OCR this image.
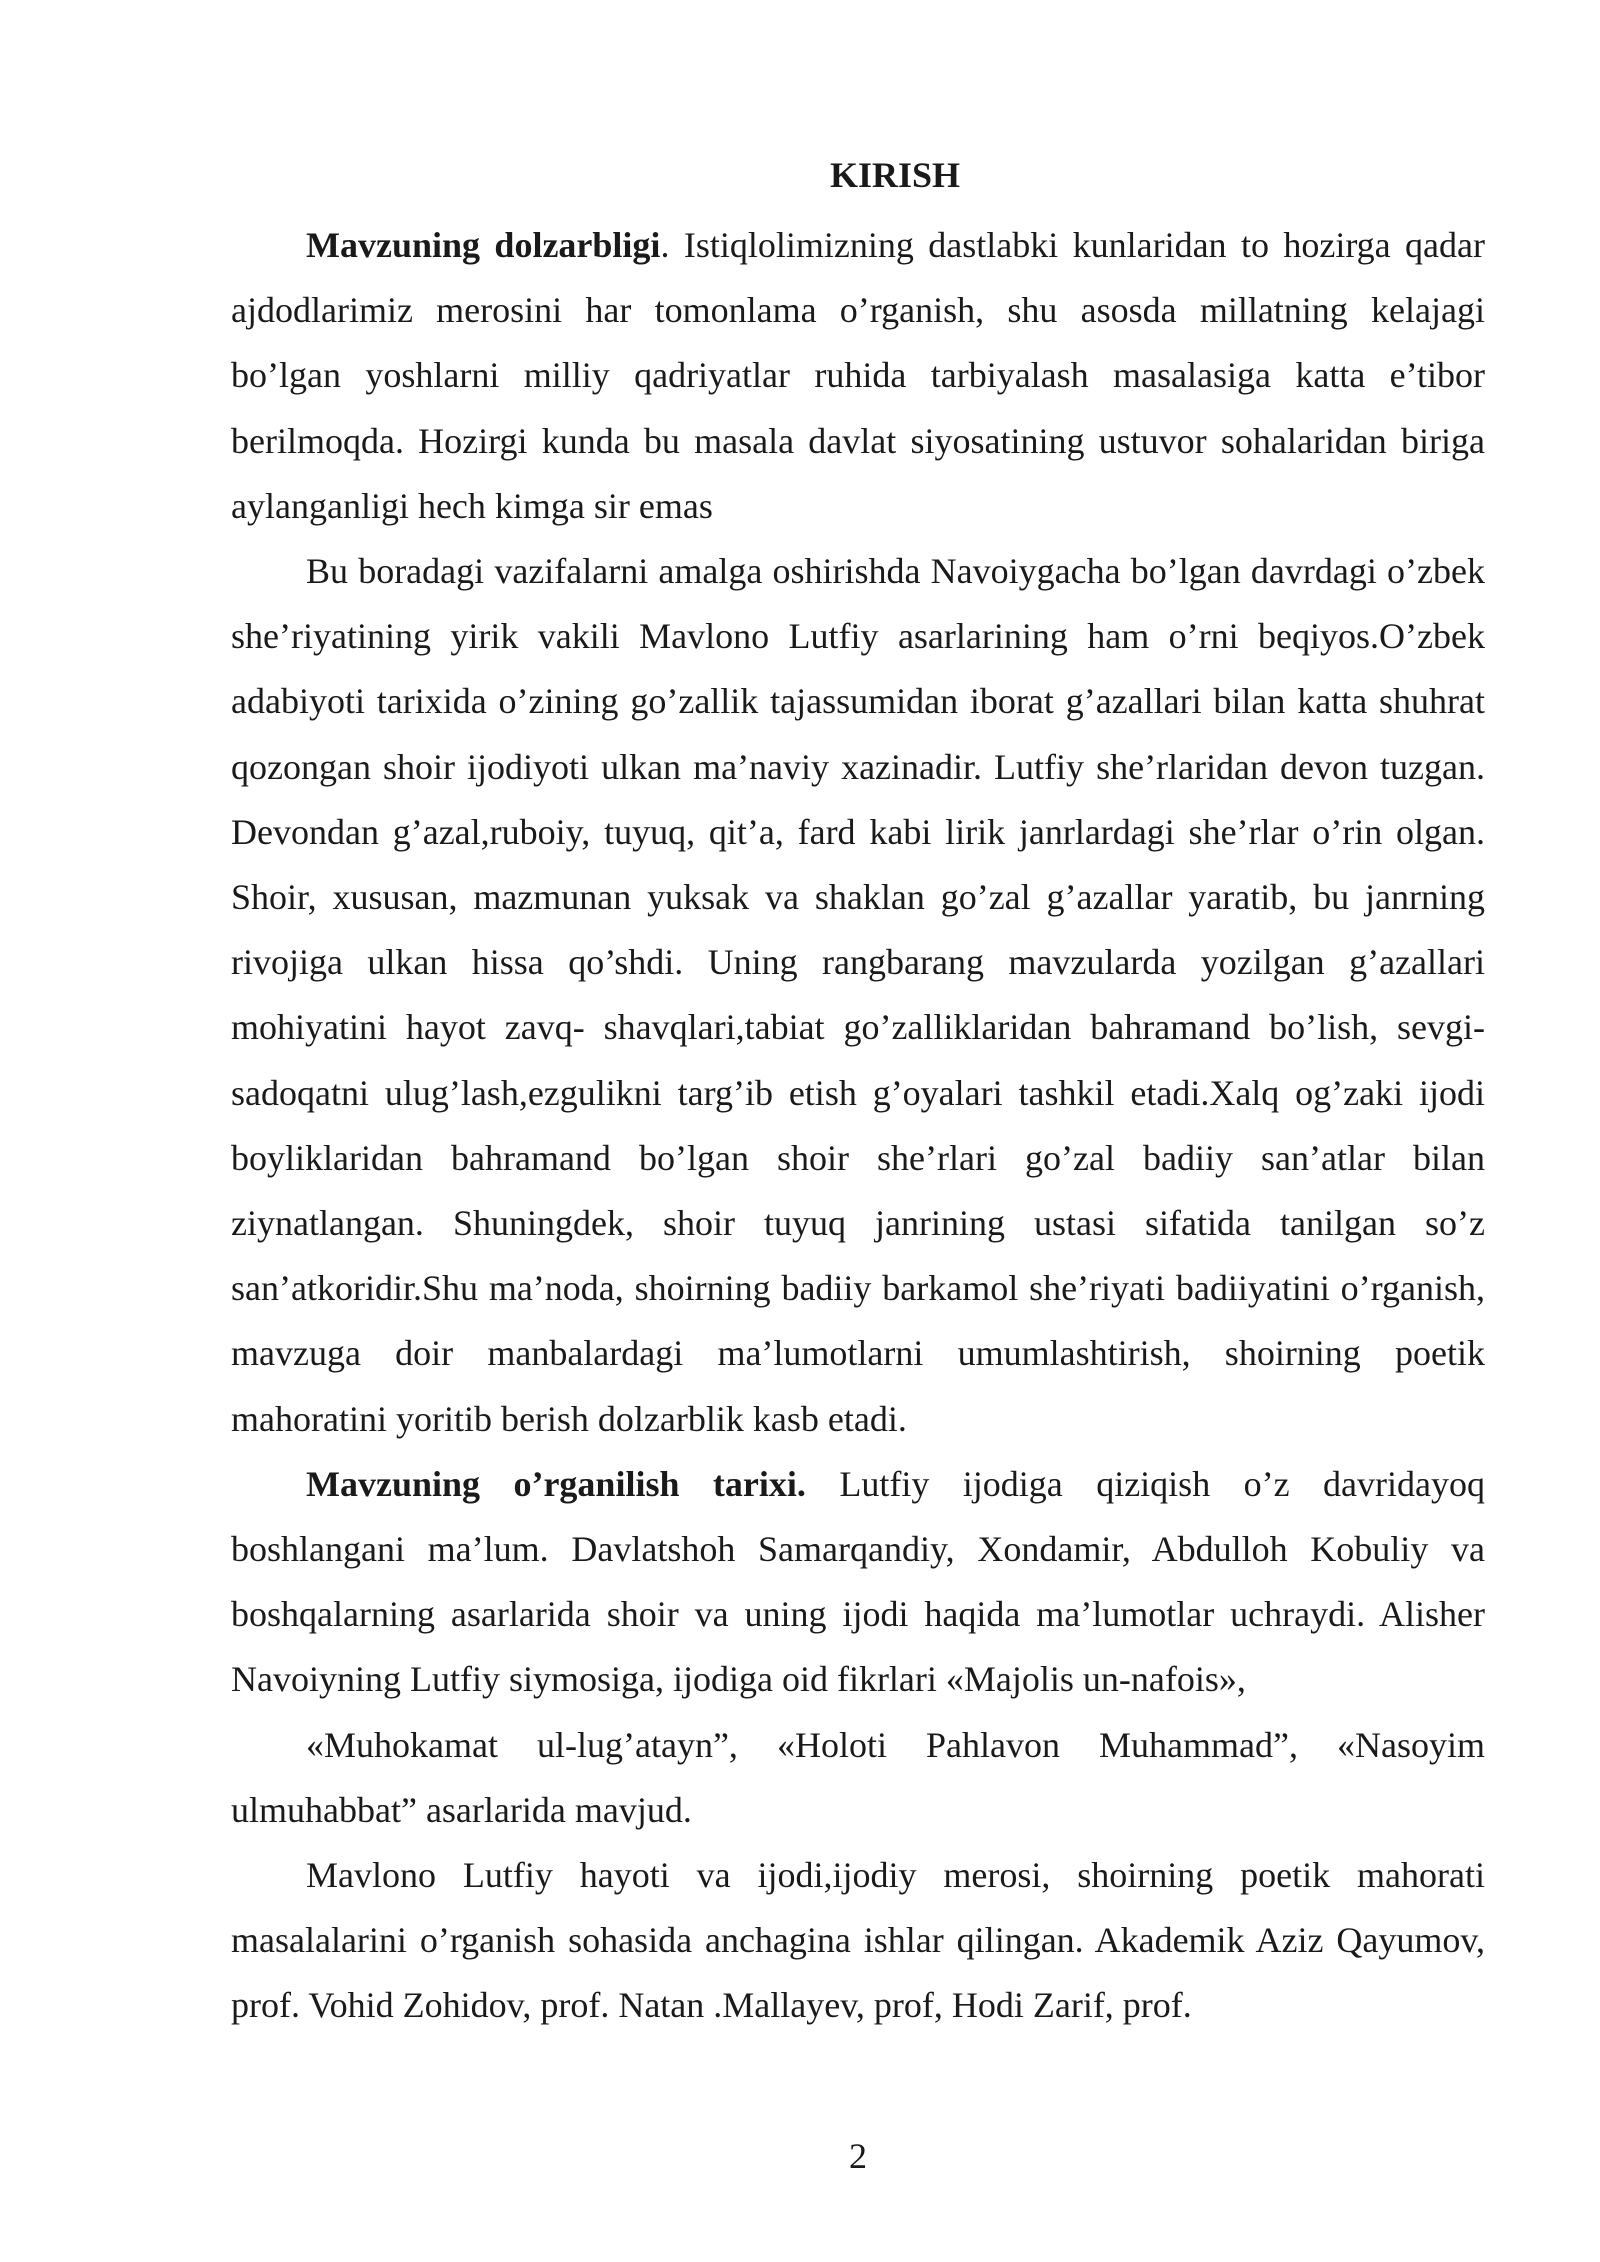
KIRISH

Mavzuning dolzarbligi. Istiqlolimizning dastlabki kunlaridan to hozirga qadar ajdodlarimiz merosini har tomonlama o’rganish, shu asosda millatning kelajagi bo’lgan yoshlarni milliy qadriyatlar ruhida tarbiyalash masalasiga katta e’tibor berilmoqda. Hozirgi kunda bu masala davlat siyosatining ustuvor sohalaridan biriga aylanganligi hech kimga sir emas

Bu boradagi vazifalarni amalga oshirishda Navoiygacha bo’lgan davrdagi o’zbek she’riyatining yirik vakili Mavlono Lutfiy asarlarining ham o’rni beqiyos.O’zbek adabiyoti tarixida o’zining go’zallik tajassumidan iborat g’azallari bilan katta shuhrat qozongan shoir ijodiyoti ulkan ma’naviy xazinadir. Lutfiy she’rlaridan devon tuzgan. Devondan g’azal,ruboiy, tuyuq, qit’a, fard kabi lirik janrlardagi she’rlar o’rin olgan. Shoir, xususan, mazmunan yuksak va shaklan go’zal g’azallar yaratib, bu janrning rivojiga ulkan hissa qo’shdi. Uning rangbarang mavzularda yozilgan g’azallari mohiyatini hayot zavq- shavqlari,tabiat go’zalliklaridan bahramand bo’lish, sevgi- sadoqatni ulug’lash,ezgulikni targ’ib etish g’oyalari tashkil etadi.Xalq og’zaki ijodi boyliklaridan bahramand bo’lgan shoir she’rlari go’zal badiiy san’atlar bilan ziynatlangan. Shuningdek, shoir tuyuq janrining ustasi sifatida tanilgan so’z san’atkoridir.Shu ma’noda, shoirning badiiy barkamol she’riyati badiiyatini o’rganish, mavzuga doir manbalardagi ma’lumotlarni umumlashtirish, shoirning poetik mahoratini yoritib berish dolzarblik kasb etadi.

Mavzuning o’rganilish tarixi. Lutfiy ijodiga qiziqish o’z davridayoq boshlangani ma’lum. Davlatshoh Samarqandiy, Xondamir, Abdulloh Kobuliy va boshqalarning asarlarida shoir va uning ijodi haqida ma’lumotlar uchraydi. Alisher Navoiyning Lutfiy siymosiga, ijodiga oid fikrlari «Majolis un-nafois»,

«Muhokamat ul-lug’atayn”, «Holoti Pahlavon Muhammad”, «Nasoyim ulmuhabbat” asarlarida mavjud.

Mavlono Lutfiy hayoti va ijodi,ijodiy merosi, shoirning poetik mahorati masalalarini o’rganish sohasida anchagina ishlar qilingan. Akademik Aziz Qayumov, prof. Vohid Zohidov, prof. Natan .Mallayev, prof, Hodi Zarif, prof.

2
